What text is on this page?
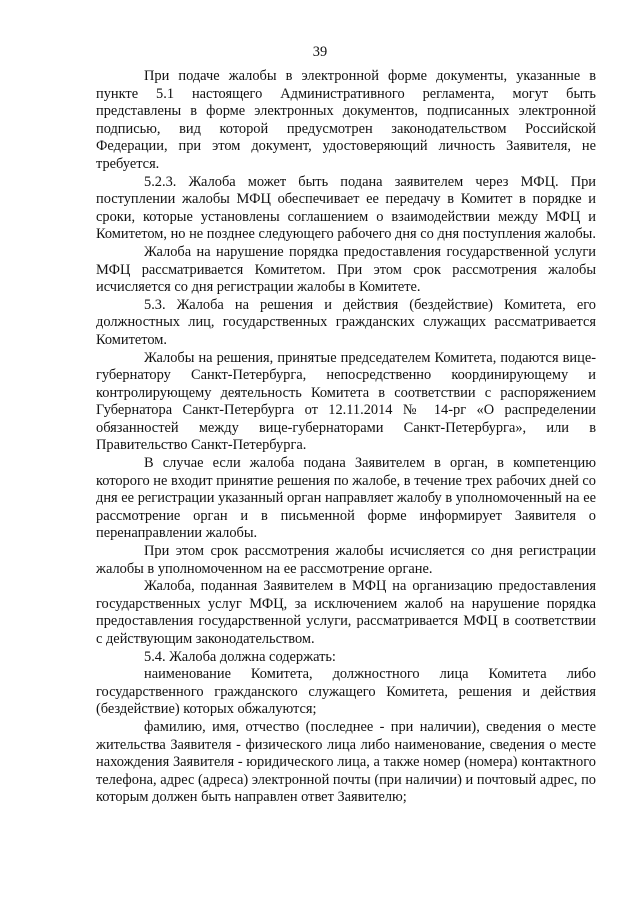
39

При подаче жалобы в электронной форме документы, указанные в пункте 5.1 настоящего Административного регламента, могут быть представлены в форме электронных документов, подписанных электронной подписью, вид которой предусмотрен законодательством Российской Федерации, при этом документ, удостоверяющий личность Заявителя, не требуется.

5.2.3. Жалоба может быть подана заявителем через МФЦ. При поступлении жалобы МФЦ обеспечивает ее передачу в Комитет в порядке и сроки, которые установлены соглашением о взаимодействии между МФЦ и Комитетом, но не позднее следующего рабочего дня со дня поступления жалобы.

Жалоба на нарушение порядка предоставления государственной услуги МФЦ рассматривается Комитетом. При этом срок рассмотрения жалобы исчисляется со дня регистрации жалобы в Комитете.

5.3. Жалоба на решения и действия (бездействие) Комитета, его должностных лиц, государственных гражданских служащих рассматривается Комитетом.

Жалобы на решения, принятые председателем Комитета, подаются вице-губернатору Санкт-Петербурга, непосредственно координирующему и контролирующему деятельность Комитета в соответствии с распоряжением Губернатора Санкт-Петербурга от 12.11.2014 № 14-рг «О распределении обязанностей между вице-губернаторами Санкт-Петербурга», или в Правительство Санкт-Петербурга.

В случае если жалоба подана Заявителем в орган, в компетенцию которого не входит принятие решения по жалобе, в течение трех рабочих дней со дня ее регистрации указанный орган направляет жалобу в уполномоченный на ее рассмотрение орган и в письменной форме информирует Заявителя о перенаправлении жалобы.

При этом срок рассмотрения жалобы исчисляется со дня регистрации жалобы в уполномоченном на ее рассмотрение органе.

Жалоба, поданная Заявителем в МФЦ на организацию предоставления государственных услуг МФЦ, за исключением жалоб на нарушение порядка предоставления государственной услуги, рассматривается МФЦ в соответствии с действующим законодательством.

5.4. Жалоба должна содержать:

наименование Комитета, должностного лица Комитета либо государственного гражданского служащего Комитета, решения и действия (бездействие) которых обжалуются;

фамилию, имя, отчество (последнее - при наличии), сведения о месте жительства Заявителя - физического лица либо наименование, сведения о месте нахождения Заявителя - юридического лица, а также номер (номера) контактного телефона, адрес (адреса) электронной почты (при наличии) и почтовый адрес, по которым должен быть направлен ответ Заявителю;
